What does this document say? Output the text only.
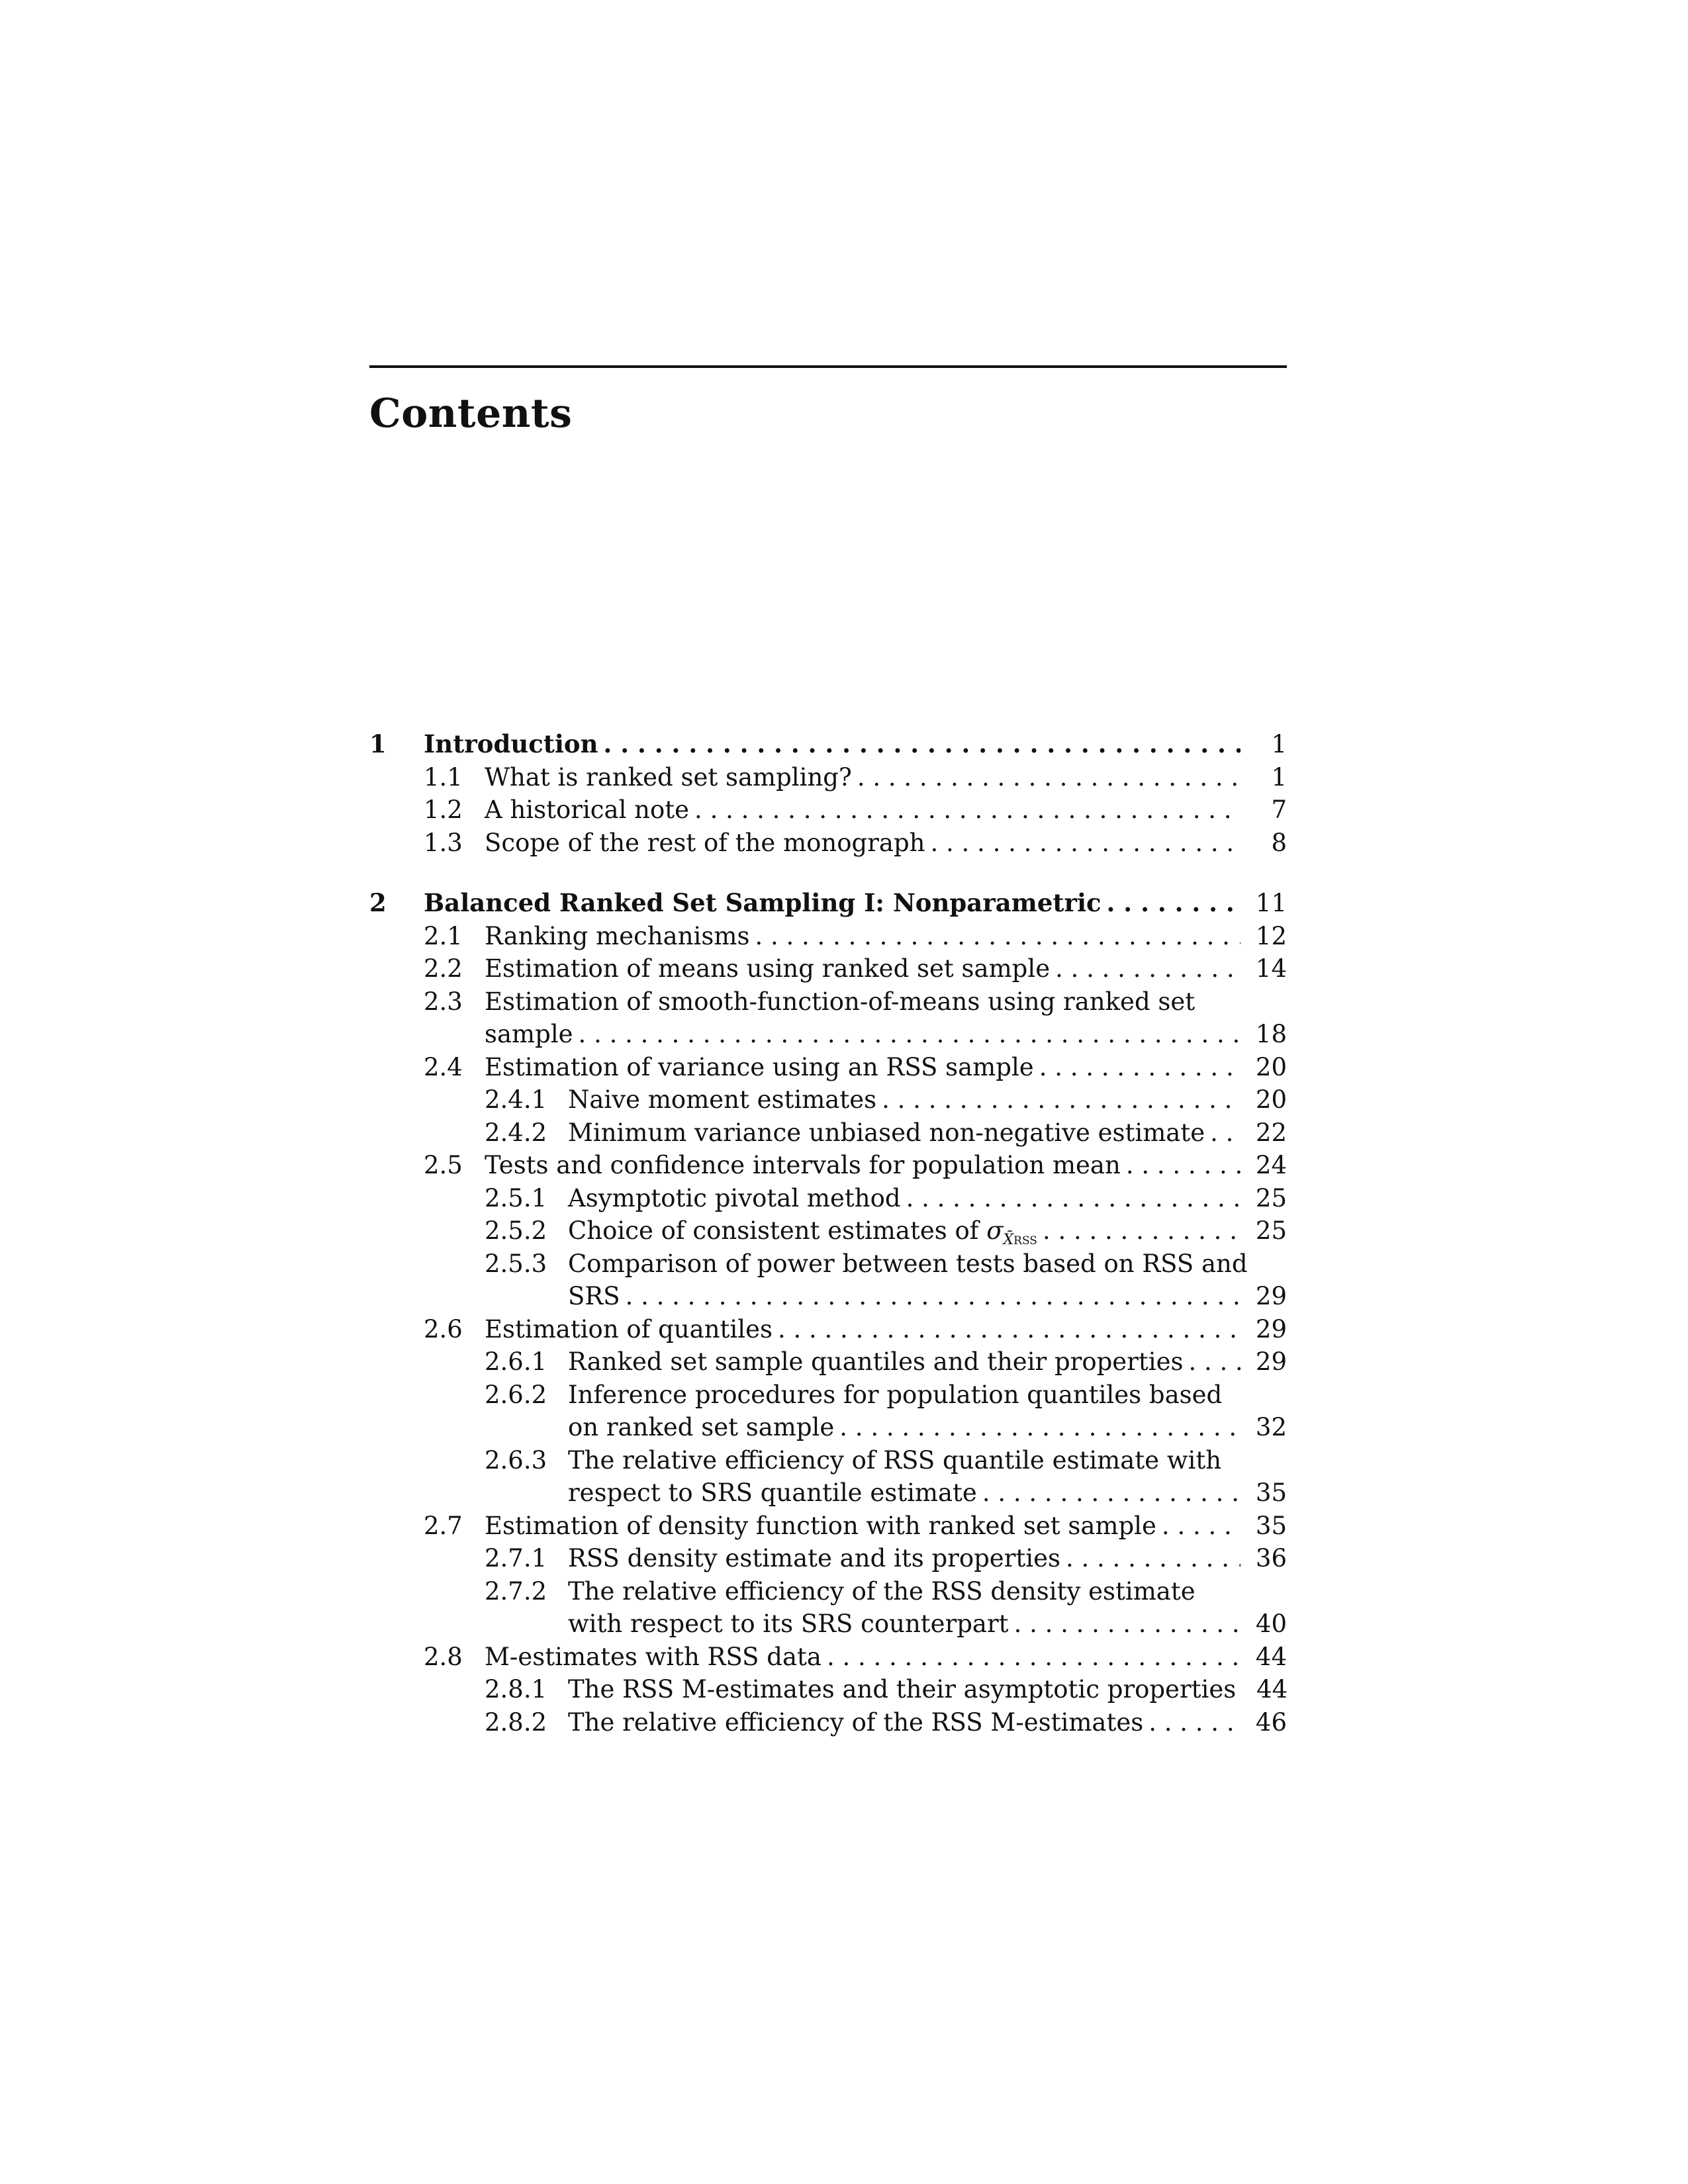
Contents
1 Introduction . . .	1
1.1 What is ranked set sampling? . . .	1
1.2 A historical note . . .	7
1.3 Scope of the rest of the monograph . . .	8
2 Balanced Ranked Set Sampling I: Nonparametric . . .	11
2.1 Ranking mechanisms . . .	12
2.2 Estimation of means using ranked set sample . . .	14
2.3 Estimation of smooth-function-of-means using ranked set
sample . . .	18
2.4 Estimation of variance using an RSS sample . . .	20
2.4.1 Naive moment estimates . . .	20
2.4.2 Minimum variance unbiased non-negative estimate . . .	22
2.5 Tests and confidence intervals for population mean . . .	24
2.5.1 Asymptotic pivotal method . . .	25
2.5.2 Choice of consistent estimates of $\sigma_{X̄RSS}$ . . .	25
2.5.3 Comparison of power between tests based on RSS and
SRS . . .	29
2.6 Estimation of quantiles . . .	29
2.6.1 Ranked set sample quantiles and their properties . . .	29
2.6.2 Inference procedures for population quantiles based
on ranked set sample . . .	32
2.6.3 The relative efficiency of RSS quantile estimate with
respect to SRS quantile estimate . . .	35
2.7 Estimation of density function with ranked set sample . . .	35
2.7.1 RSS density estimate and its properties . . .	36
2.7.2 The relative efficiency of the RSS density estimate
with respect to its SRS counterpart . . .	40
2.8 M-estimates with RSS data . . .	44
2.8.1 The RSS M-estimates and their asymptotic properties . . . 44
2.8.2 The relative efficiency of the RSS M-estimates . . .	46
